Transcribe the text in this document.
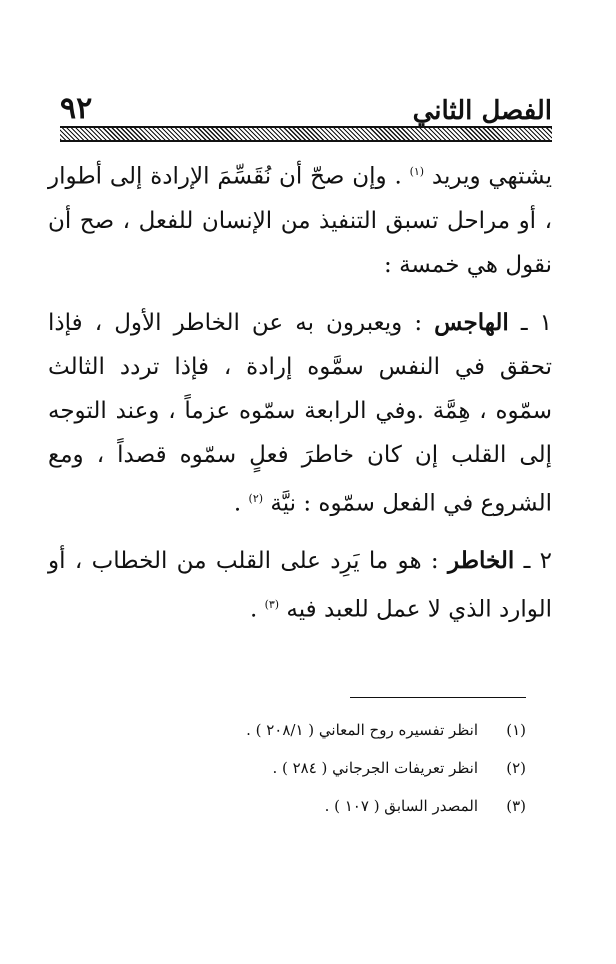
٩٢	الفصل الثاني

يشتهي ويريد $^{(١)}$ . وإن صحّ أن نُقَسِّمَ الإرادة إلى أطوار ، أو مراحل تسبق التنفيذ من الإنسان للفعل ، صح أن نقول هي خمسة :

١ ـ الهاجس : ويعبرون به عن الخاطر الأول ، فإذا تحقق في النفس سمَّوه إرادة ، فإذا تردد الثالث سمّوه ، هِمَّة .وفي الرابعة سمّوه عزماً ، وعند التوجه إلى القلب إن كان خاطرَ فعلٍ سمّوه قصداً ، ومع الشروع في الفعل سمّوه : نيَّة $^{(٢)}$ .

٢ ـ الخاطر : هو ما يَرِد على القلب من الخطاب ، أو الوارد الذي لا عمل للعبد فيه $^{(٣)}$ .

(١)
انظر تفسيره روح المعاني ( ٢٠٨/١ ) .
(٢)
انظر تعريفات الجرجاني ( ٢٨٤ ) .
(٣)
المصدر السابق ( ١٠٧ ) .
